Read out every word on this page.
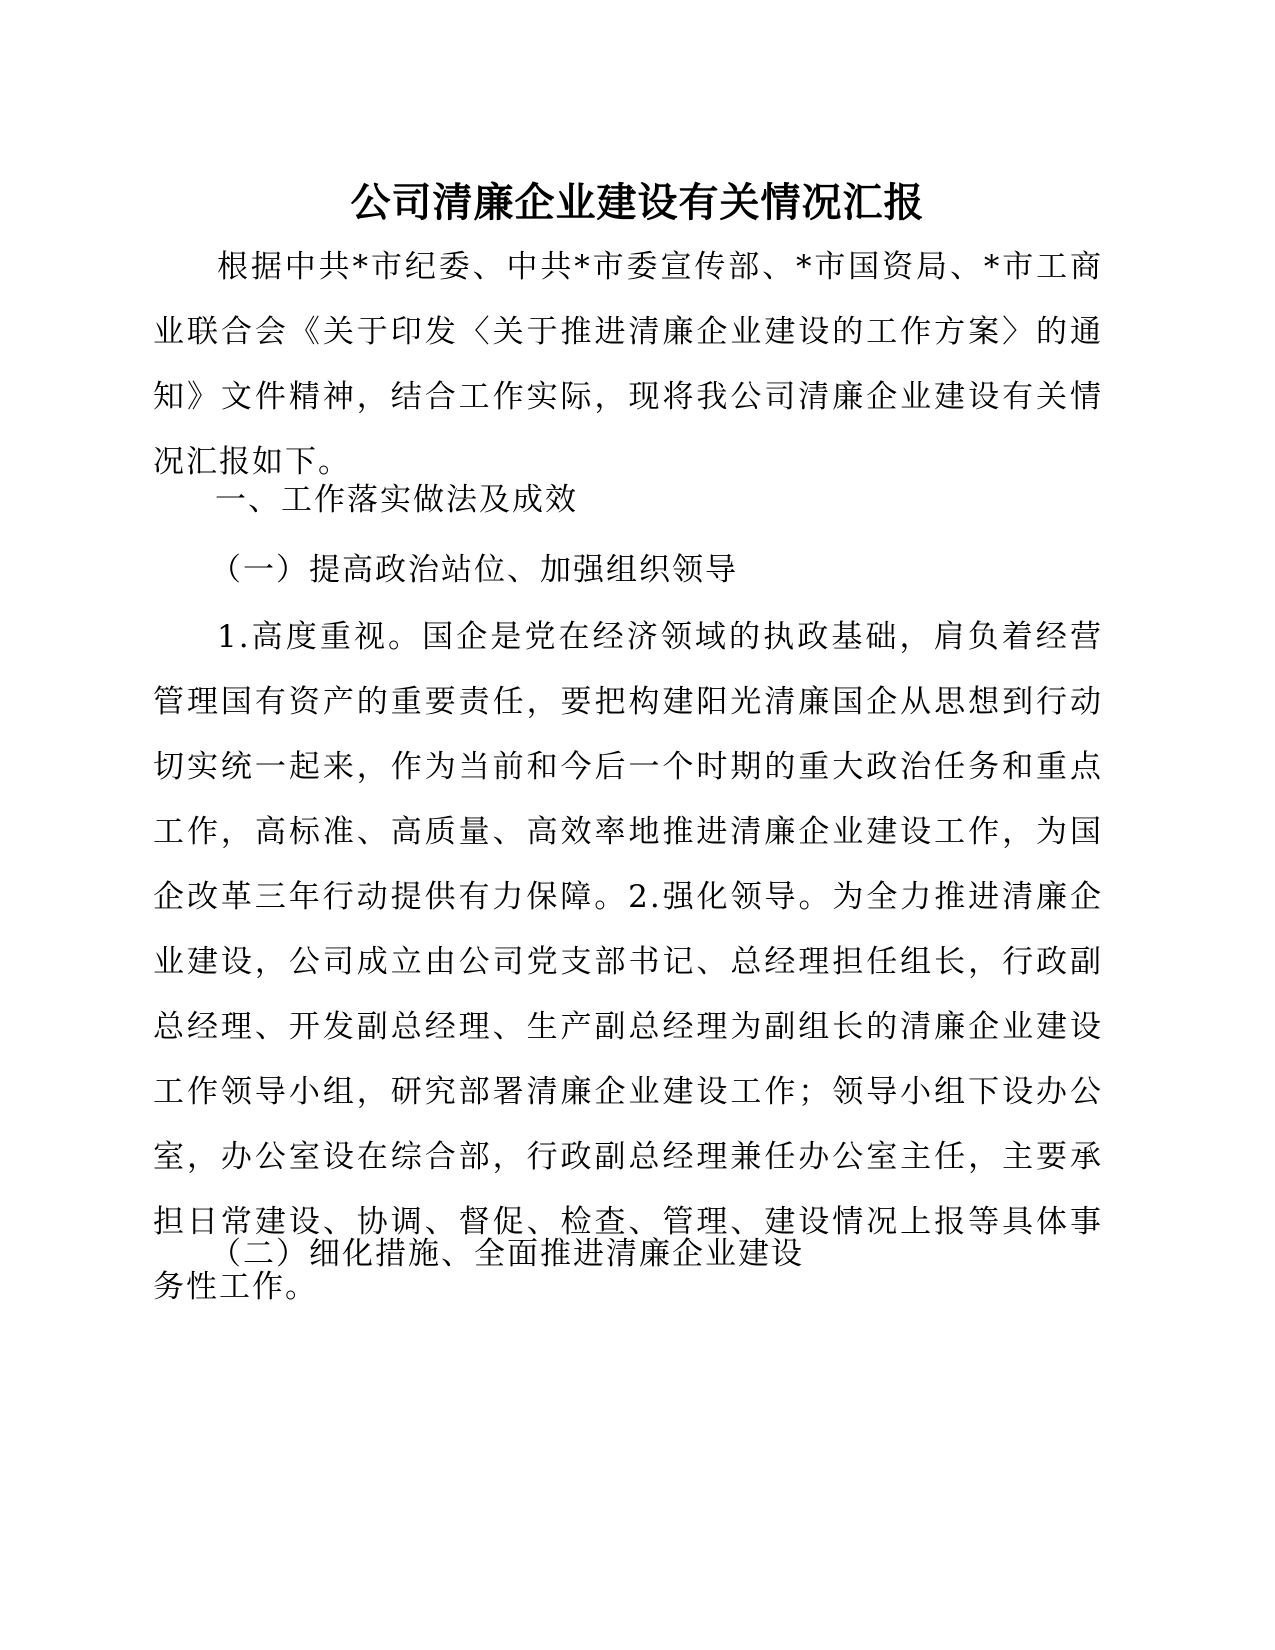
公司清廉企业建设有关情况汇报

根据中共*市纪委、中共*市委宣传部、*市国资局、*市工商业联合会《关于印发〈关于推进清廉企业建设的工作方案〉的通知》文件精神，结合工作实际，现将我公司清廉企业建设有关情况汇报如下。

一、工作落实做法及成效

（一）提高政治站位、加强组织领导

1.高度重视。国企是党在经济领域的执政基础，肩负着经营管理国有资产的重要责任，要把构建阳光清廉国企从思想到行动切实统一起来，作为当前和今后一个时期的重大政治任务和重点工作，高标准、高质量、高效率地推进清廉企业建设工作，为国企改革三年行动提供有力保障。2.强化领导。为全力推进清廉企业建设，公司成立由公司党支部书记、总经理担任组长，行政副总经理、开发副总经理、生产副总经理为副组长的清廉企业建设工作领导小组，研究部署清廉企业建设工作；领导小组下设办公室，办公室设在综合部，行政副总经理兼任办公室主任，主要承担日常建设、协调、督促、检查、管理、建设情况上报等具体事务性工作。

（二）细化措施、全面推进清廉企业建设
